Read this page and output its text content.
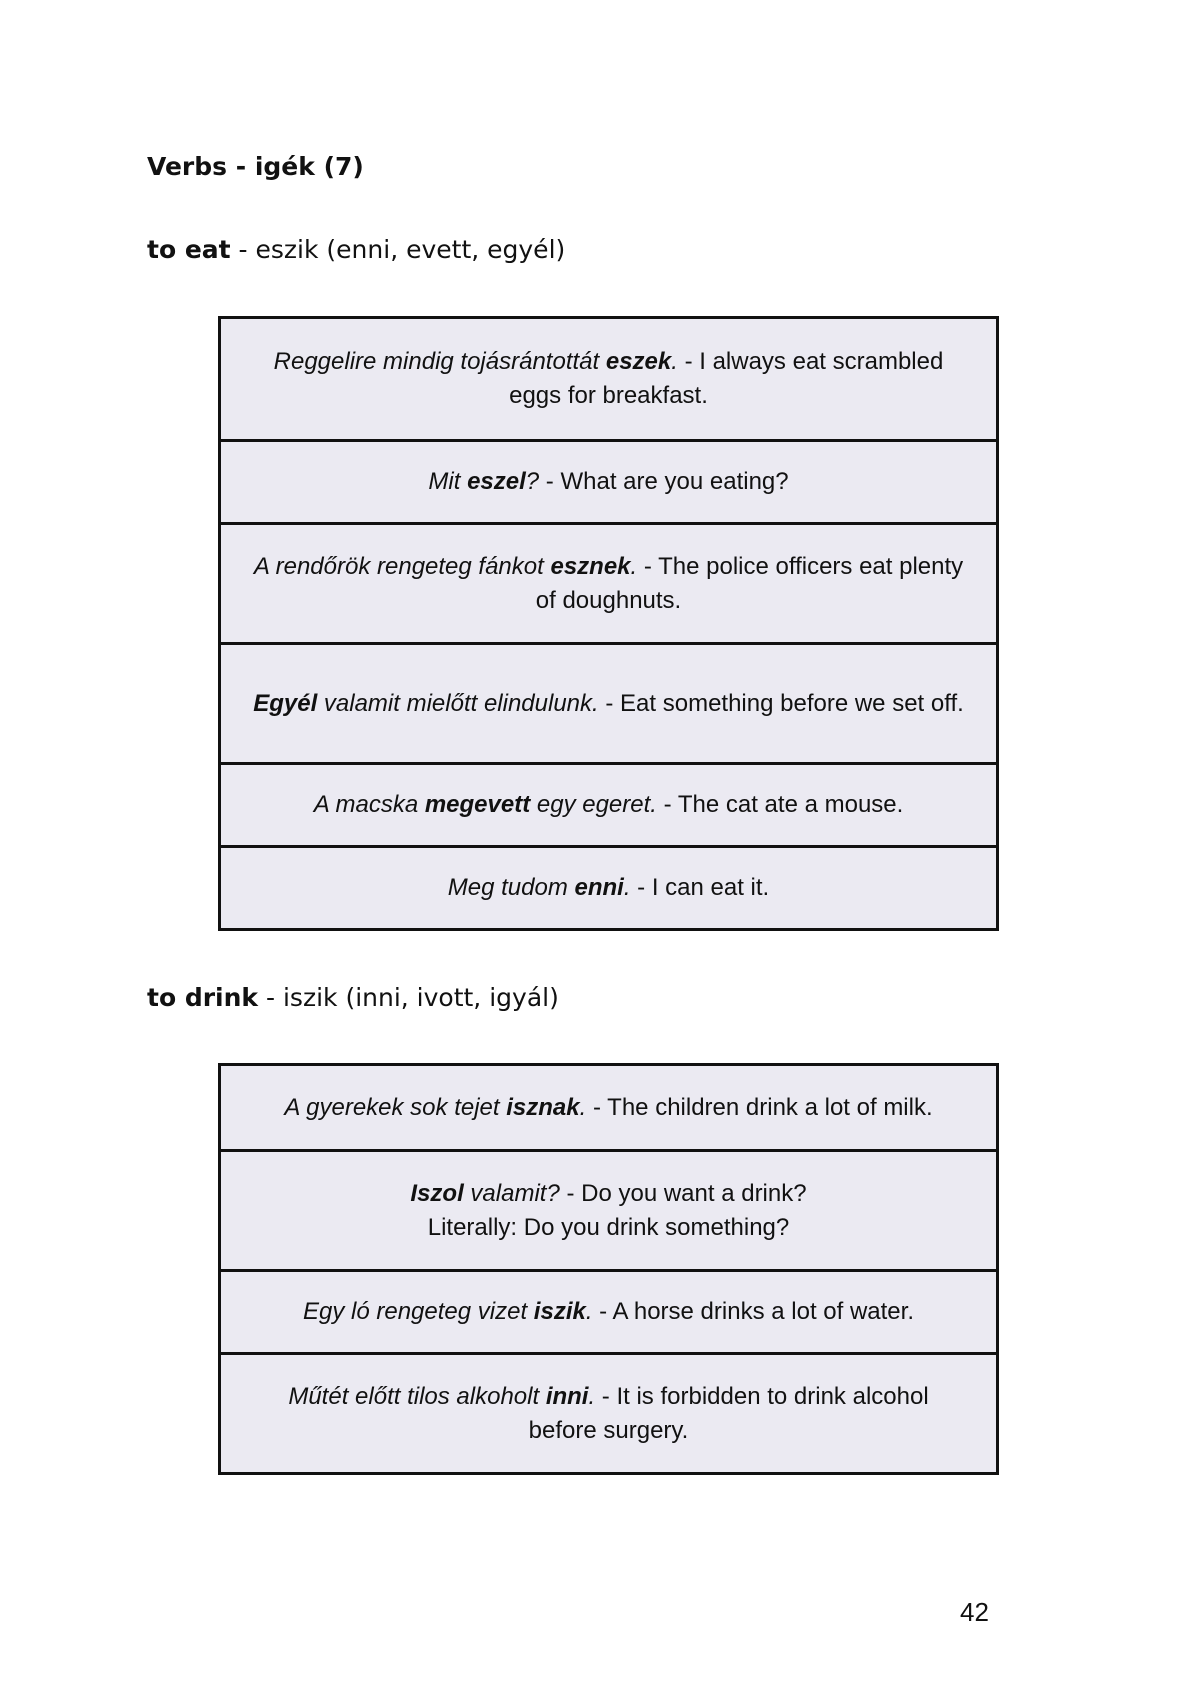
Verbs - igék (7)
to eat - eszik (enni, evett, egyél)
Reggelire mindig tojásrántottát eszek. - I always eat scrambled eggs for breakfast.
Mit eszel? - What are you eating?
A rendőrök rengeteg fánkot esznek. - The police officers eat plenty of doughnuts.
Egyél valamit mielőtt elindulunk. - Eat something before we set off.
A macska megevett egy egeret. - The cat ate a mouse.
Meg tudom enni. - I can eat it.
to drink - iszik (inni, ivott, igyál)
A gyerekek sok tejet isznak. - The children drink a lot of milk.
Iszol valamit? - Do you want a drink?
Literally: Do you drink something?
Egy ló rengeteg vizet iszik. - A horse drinks a lot of water.
Műtét előtt tilos alkoholt inni. - It is forbidden to drink alcohol before surgery.

42
